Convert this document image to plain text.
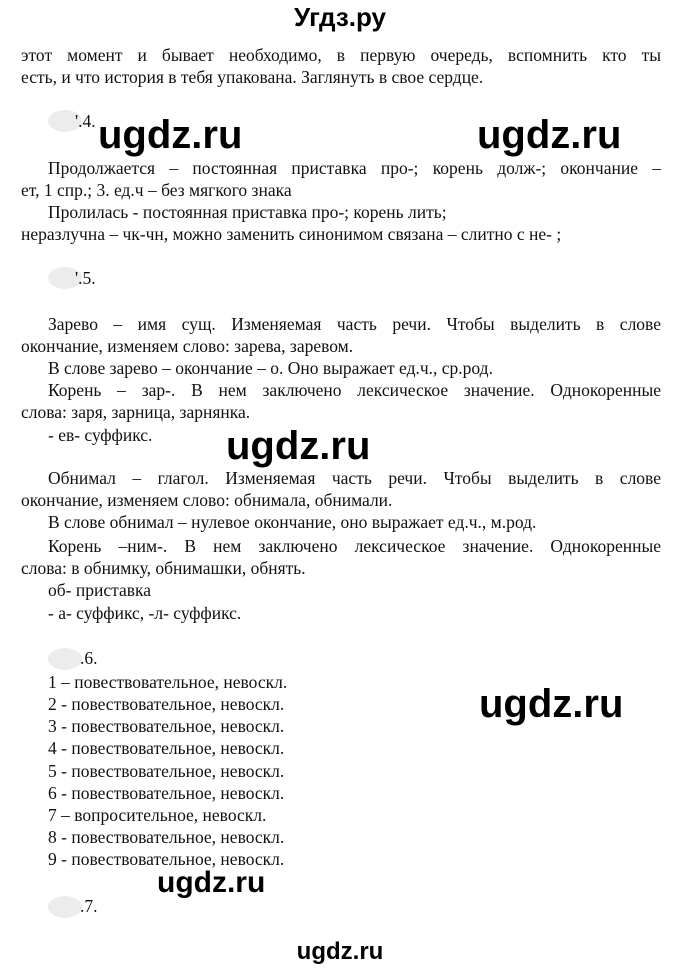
Угдз.ру
этот момент и бывает необходимо, в первую очередь, вспомнить кто ты
есть, и что история в тебя упакована. Заглянуть в свое сердце.
'.4. ugdz.ru	ugdz.ru
Продолжается – постоянная приставка про-; корень долж-; окончание –
ет, 1 спр.; 3. ед.ч – без мягкого знака
Пролилась - постоянная приставка про-; корень лить;
неразлучна – чк-чн, можно заменить синонимом связана – слитно с не- ;
'.5.
Зарево – имя сущ. Изменяемая часть речи. Чтобы выделить в слове
окончание, изменяем слово: зарева, заревом.
В слове зарево – окончание – о. Оно выражает ед.ч., ср.род.
Корень – зар-. В нем заключено лексическое значение. Однокоренные
слова: заря, зарница, зарнянка.
- ев- суффикс. ugdz.ru
Обнимал – глагол. Изменяемая часть речи. Чтобы выделить в слове
окончание, изменяем слово: обнимала, обнимали.
В слове обнимал – нулевое окончание, оно выражает ед.ч., м.род.
Корень –ним-. В нем заключено лексическое значение. Однокоренные
слова: в обнимку, обнимашки, обнять.
об- приставка
- а- суффикс, -л- суффикс.
.6.
1 – повествовательное, невоскл.
2 - повествовательное, невоскл.
3 - повествовательное, невоскл.
4 - повествовательное, невоскл.
5 - повествовательное, невоскл.
6 - повествовательное, невоскл.
7 – вопросительное, невоскл.
8 - повествовательное, невоскл.
9 - повествовательное, невоскл.
ugdz.ru
ugdz.ru
.7.
ugdz.ru
